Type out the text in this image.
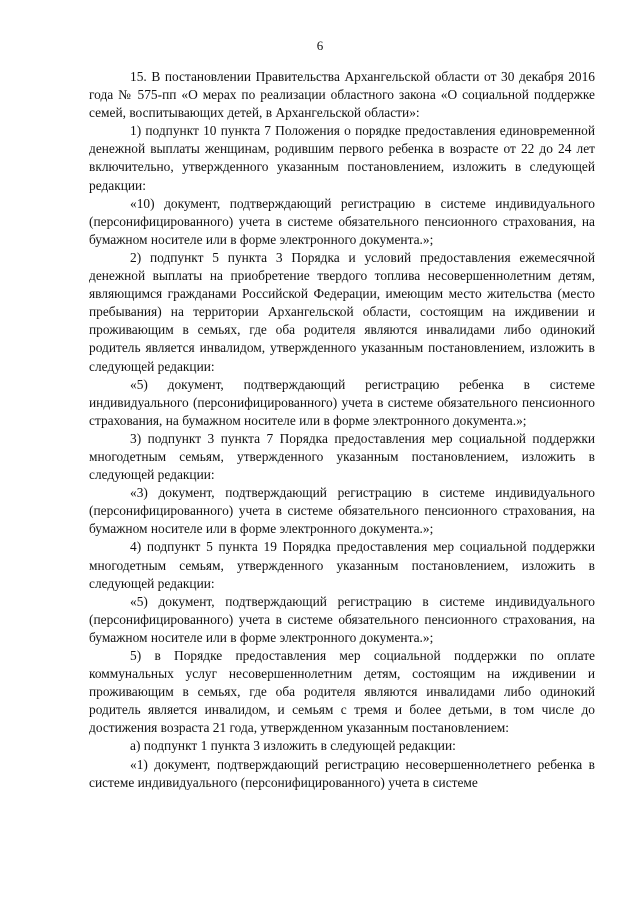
6

15. В постановлении Правительства Архангельской области от 30 декабря 2016 года № 575-пп «О мерах по реализации областного закона «О социальной поддержке семей, воспитывающих детей, в Архангельской области»:

1) подпункт 10 пункта 7 Положения о порядке предоставления единовременной денежной выплаты женщинам, родившим первого ребенка в возрасте от 22 до 24 лет включительно, утвержденного указанным постановлением, изложить в следующей редакции:

«10) документ, подтверждающий регистрацию в системе индивидуального (персонифицированного) учета в системе обязательного пенсионного страхования, на бумажном носителе или в форме электронного документа.»;

2) подпункт 5 пункта 3 Порядка и условий предоставления ежемесячной денежной выплаты на приобретение твердого топлива несовершеннолетним детям, являющимся гражданами Российской Федерации, имеющим место жительства (место пребывания) на территории Архангельской области, состоящим на иждивении и проживающим в семьях, где оба родителя являются инвалидами либо одинокий родитель является инвалидом, утвержденного указанным постановлением, изложить в следующей редакции:

«5) документ, подтверждающий регистрацию ребенка в системе индивидуального (персонифицированного) учета в системе обязательного пенсионного страхования, на бумажном носителе или в форме электронного документа.»;

3) подпункт 3 пункта 7 Порядка предоставления мер социальной поддержки многодетным семьям, утвержденного указанным постановлением, изложить в следующей редакции:

«3) документ, подтверждающий регистрацию в системе индивидуального (персонифицированного) учета в системе обязательного пенсионного страхования, на бумажном носителе или в форме электронного документа.»;

4) подпункт 5 пункта 19 Порядка предоставления мер социальной поддержки многодетным семьям, утвержденного указанным постановлением, изложить в следующей редакции:

«5) документ, подтверждающий регистрацию в системе индивидуального (персонифицированного) учета в системе обязательного пенсионного страхования, на бумажном носителе или в форме электронного документа.»;

5) в Порядке предоставления мер социальной поддержки по оплате коммунальных услуг несовершеннолетним детям, состоящим на иждивении и проживающим в семьях, где оба родителя являются инвалидами либо одинокий родитель является инвалидом, и семьям с тремя и более детьми, в том числе до достижения возраста 21 года, утвержденном указанным постановлением:

а) подпункт 1 пункта 3 изложить в следующей редакции:

«1) документ, подтверждающий регистрацию несовершеннолетнего ребенка в системе индивидуального (персонифицированного) учета в системе
